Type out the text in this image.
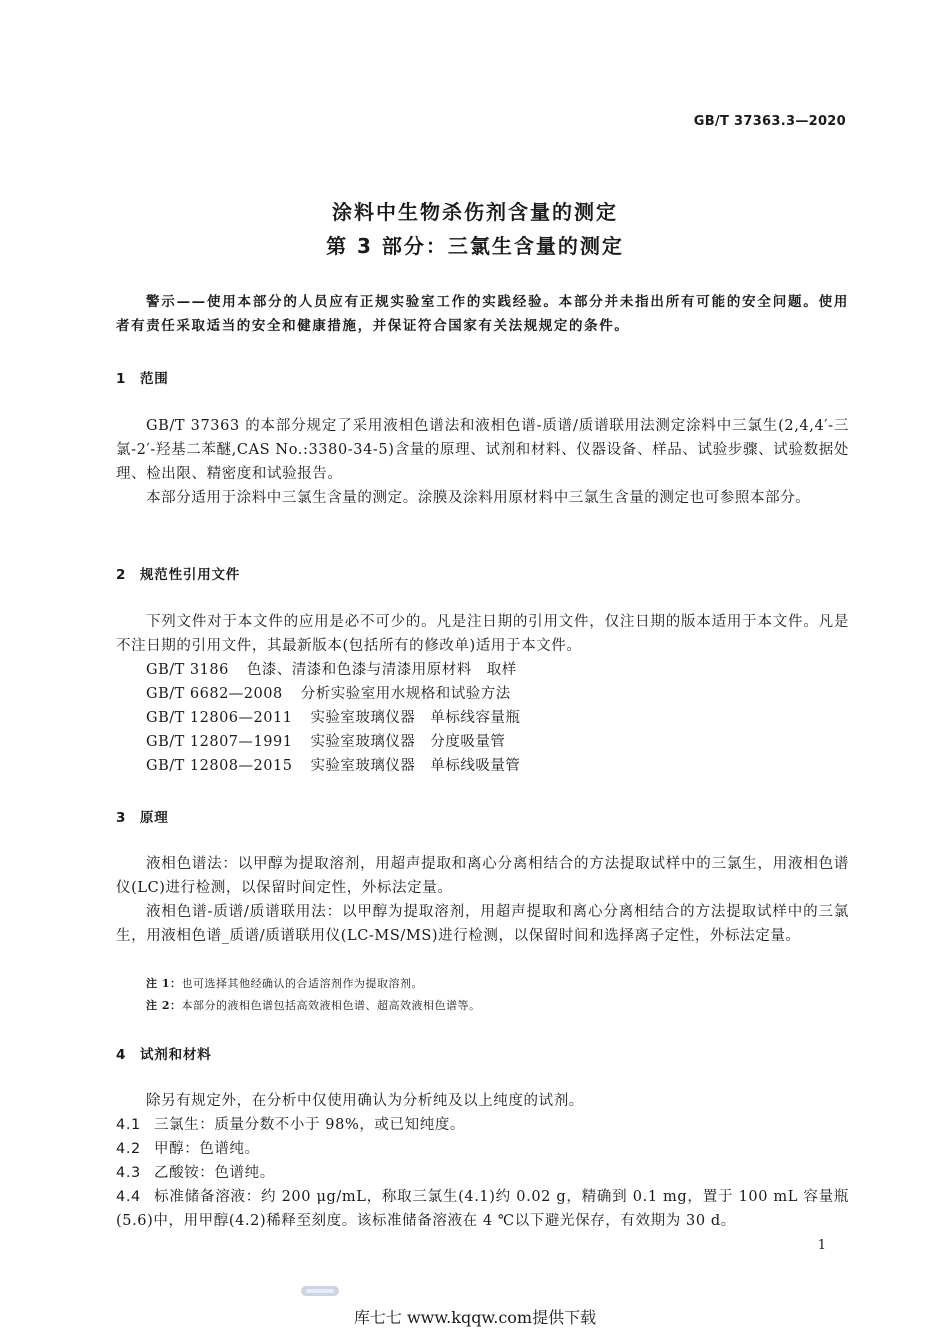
GB/T 37363.3—2020
涂料中生物杀伤剂含量的测定
第 3 部分：三氯生含量的测定

警示——使用本部分的人员应有正规实验室工作的实践经验。本部分并未指出所有可能的安全问题。使用者有责任采取适当的安全和健康措施，并保证符合国家有关法规规定的条件。

1 范围

GB/T 37363 的本部分规定了采用液相色谱法和液相色谱-质谱/质谱联用法测定涂料中三氯生(2,4,4′-三氯-2′-羟基二苯醚,CAS No.:3380-34-5)含量的原理、试剂和材料、仪器设备、样品、试验步骤、试验数据处理、检出限、精密度和试验报告。

本部分适用于涂料中三氯生含量的测定。涂膜及涂料用原材料中三氯生含量的测定也可参照本部分。

2 规范性引用文件

下列文件对于本文件的应用是必不可少的。凡是注日期的引用文件，仅注日期的版本适用于本文件。凡是不注日期的引用文件，其最新版本(包括所有的修改单)适用于本文件。

GB/T 3186 色漆、清漆和色漆与清漆用原材料　取样
GB/T 6682—2008 分析实验室用水规格和试验方法
GB/T 12806—2011 实验室玻璃仪器　单标线容量瓶
GB/T 12807—1991 实验室玻璃仪器　分度吸量管
GB/T 12808—2015 实验室玻璃仪器　单标线吸量管
3 原理

液相色谱法：以甲醇为提取溶剂，用超声提取和离心分离相结合的方法提取试样中的三氯生，用液相色谱仪(LC)进行检测，以保留时间定性，外标法定量。

液相色谱-质谱/质谱联用法：以甲醇为提取溶剂，用超声提取和离心分离相结合的方法提取试样中的三氯生，用液相色谱_质谱/质谱联用仪(LC-MS/MS)进行检测，以保留时间和选择离子定性，外标法定量。

注 1：也可选择其他经确认的合适溶剂作为提取溶剂。
注 2：本部分的液相色谱包括高效液相色谱、超高效液相色谱等。
4 试剂和材料

除另有规定外，在分析中仅使用确认为分析纯及以上纯度的试剂。

4.1 三氯生：质量分数不小于 98%，或已知纯度。

4.2 甲醇：色谱纯。

4.3 乙酸铵：色谱纯。

4.4 标准储备溶液：约 200 μg/mL，称取三氯生(4.1)约 0.02 g，精确到 0.1 mg，置于 100 mL 容量瓶(5.6)中，用甲醇(4.2)稀释至刻度。该标准储备溶液在 4 ℃以下避光保存，有效期为 30 d。

1
库七七 www.kqqw.com提供下载
